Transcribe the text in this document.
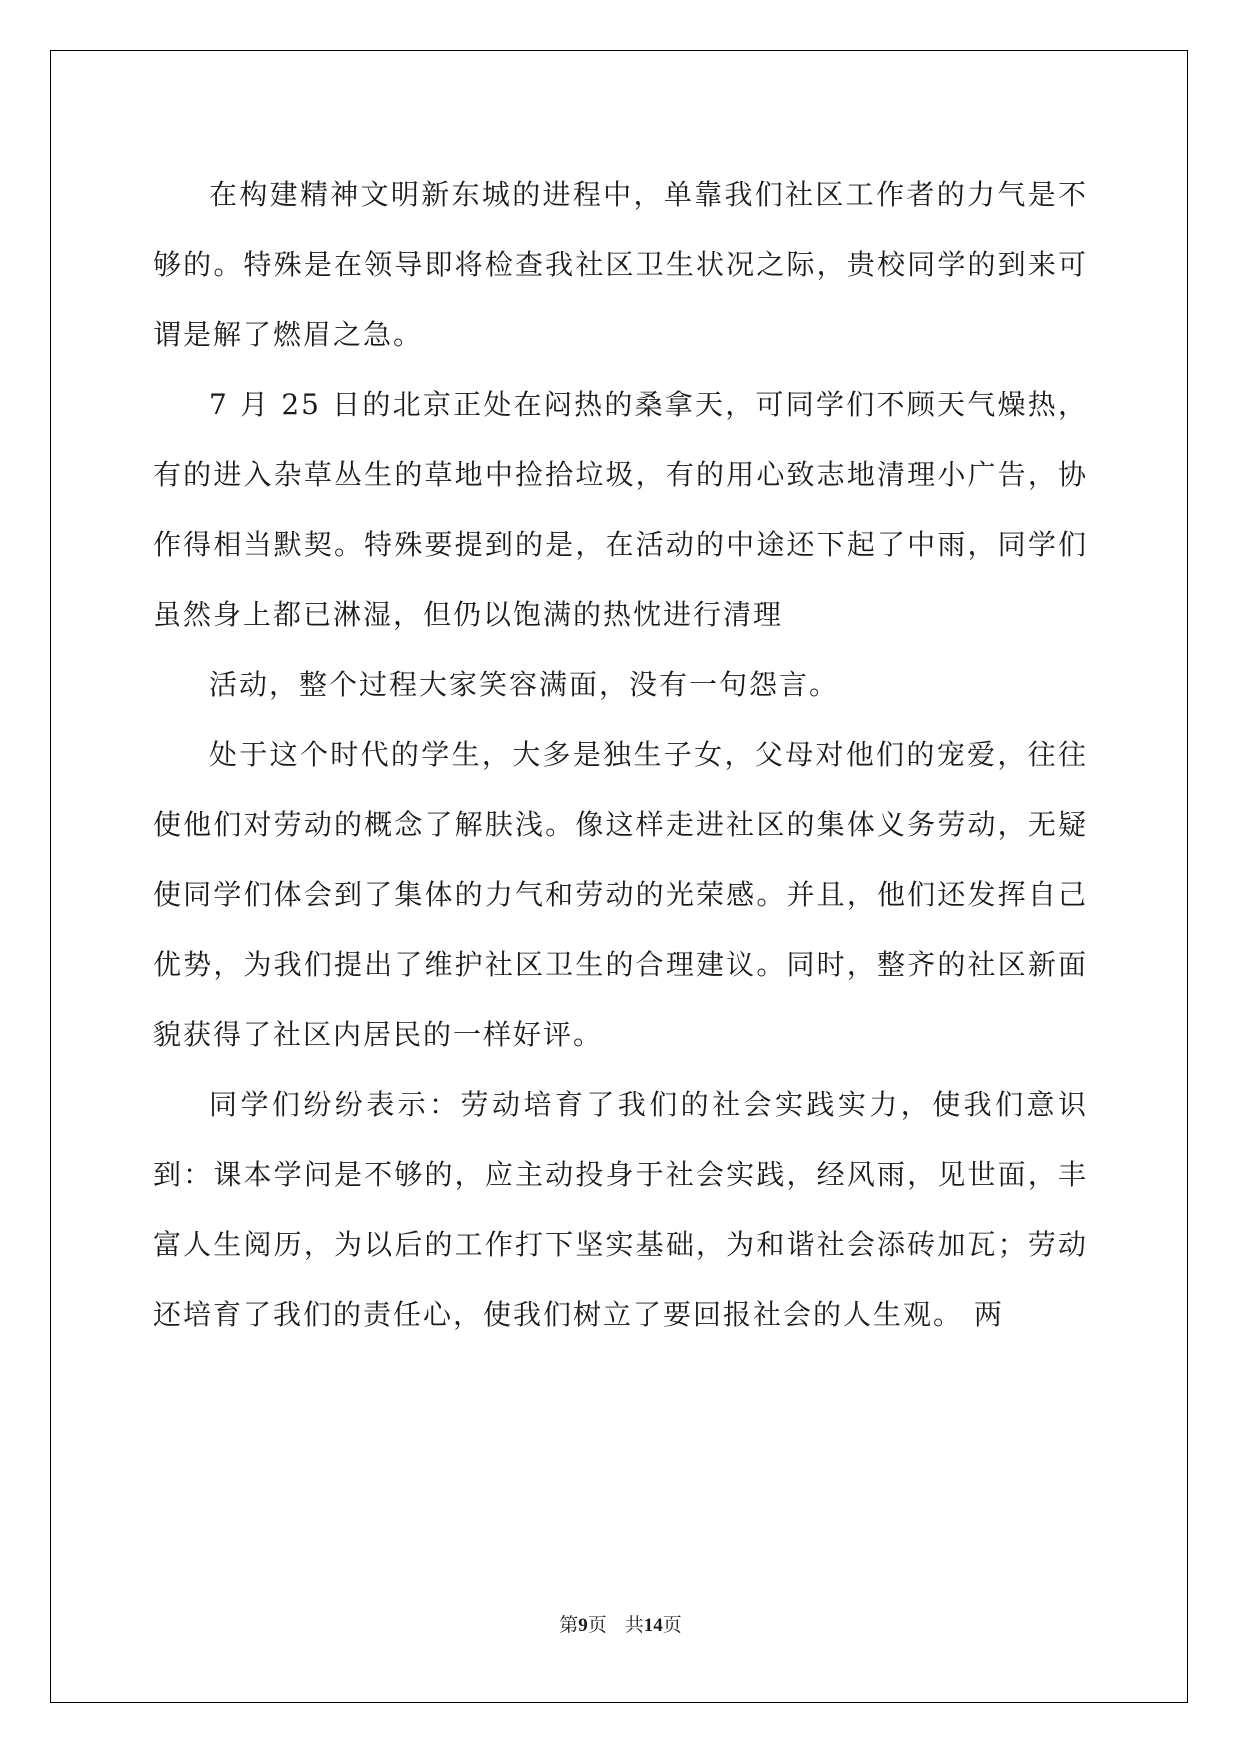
在构建精神文明新东城的进程中，单靠我们社区工作者的力气是不够的。特殊是在领导即将检查我社区卫生状况之际，贵校同学的到来可谓是解了燃眉之急。

7 月 25 日的北京正处在闷热的桑拿天，可同学们不顾天气燥热，有的进入杂草丛生的草地中捡拾垃圾，有的用心致志地清理小广告，协作得相当默契。特殊要提到的是，在活动的中途还下起了中雨，同学们虽然身上都已淋湿，但仍以饱满的热忱进行清理

活动，整个过程大家笑容满面，没有一句怨言。

处于这个时代的学生，大多是独生子女，父母对他们的宠爱，往往使他们对劳动的概念了解肤浅。像这样走进社区的集体义务劳动，无疑使同学们体会到了集体的力气和劳动的光荣感。并且，他们还发挥自己优势，为我们提出了维护社区卫生的合理建议。同时，整齐的社区新面貌获得了社区内居民的一样好评。

同学们纷纷表示：劳动培育了我们的社会实践实力，使我们意识到：课本学问是不够的，应主动投身于社会实践，经风雨，见世面，丰富人生阅历，为以后的工作打下坚实基础，为和谐社会添砖加瓦；劳动还培育了我们的责任心，使我们树立了要回报社会的人生观。 两

第9页 共14页
